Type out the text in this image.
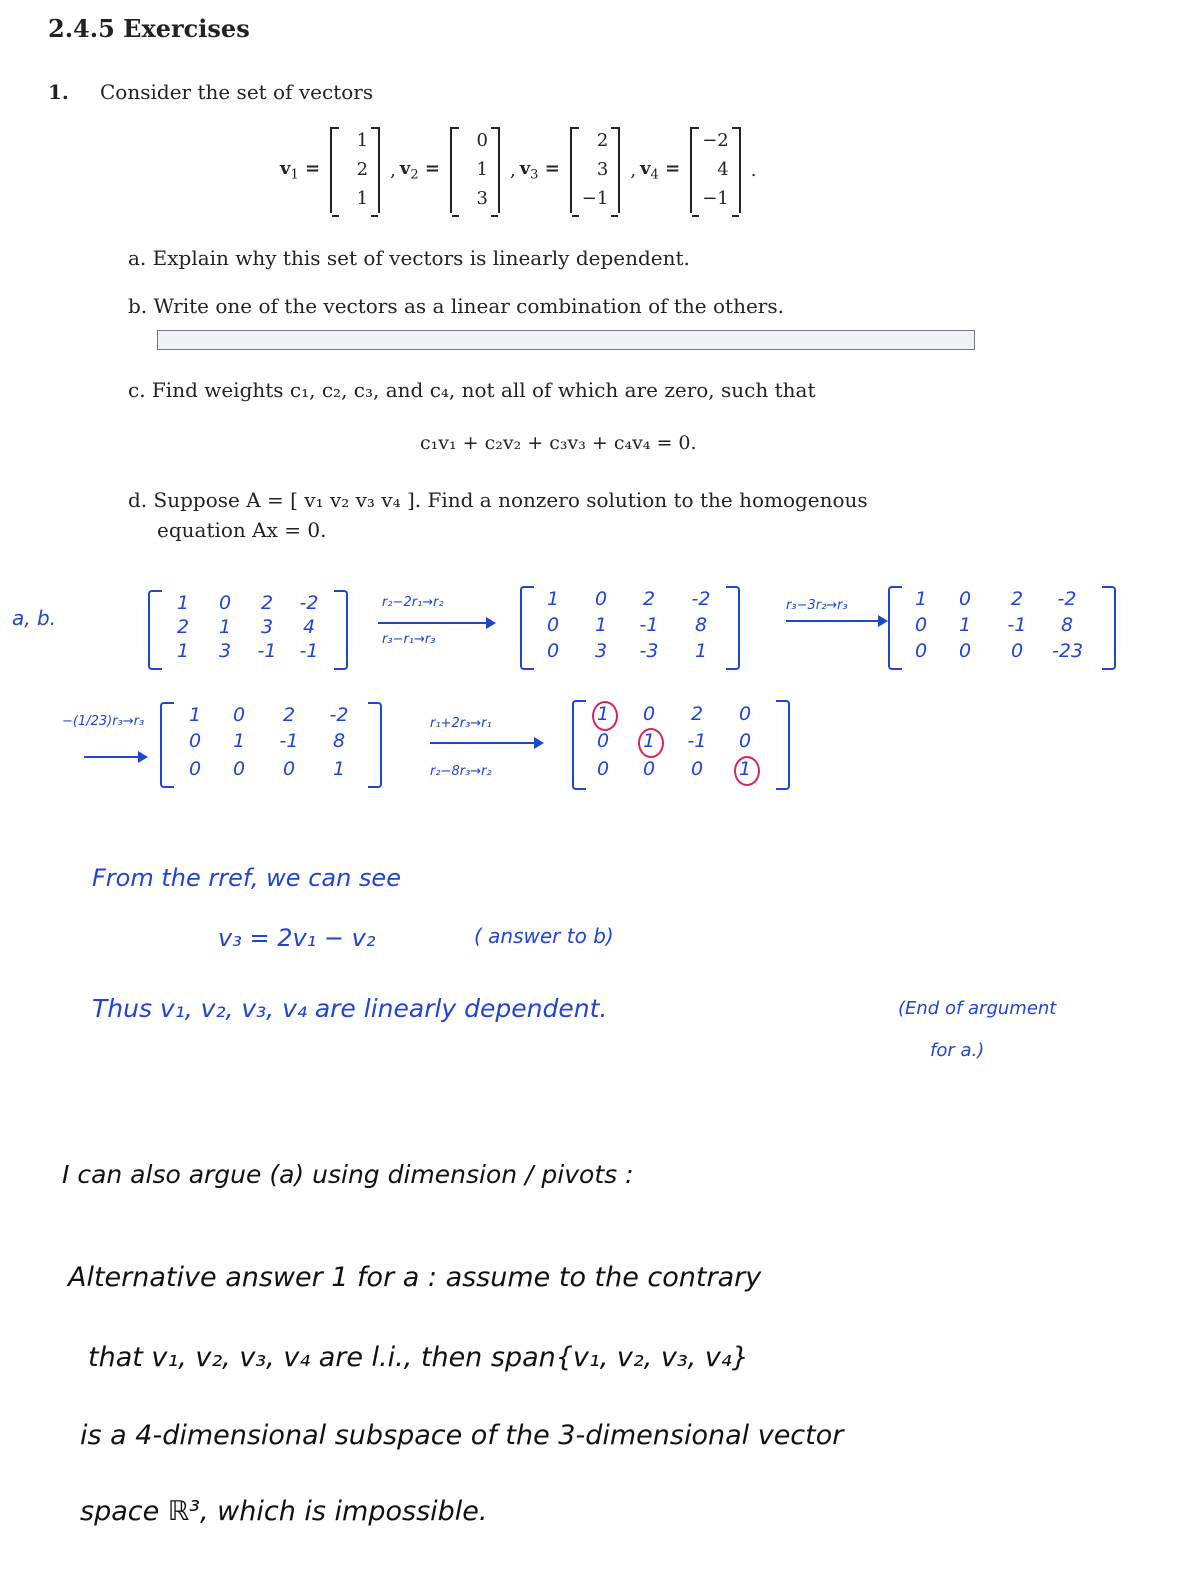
2.4.5 Exercises
1. Consider the set of vectors
$v_1$ =
1
2
1
, $v_2$ =
0
1
3
, $v_3$ =
2
3
−1
, $v_4$ =
−2
4
−1
.
a. Explain why this set of vectors is linearly dependent.
b. Write one of the vectors as a linear combination of the others.
c. Find weights c₁, c₂, c₃, and c₄, not all of which are zero, such that
c₁v₁ + c₂v₂ + c₃v₃ + c₄v₄ = 0.
d. Suppose A = [ v₁ v₂ v₃ v₄ ]. Find a nonzero solution to the homogenous
equation Ax = 0.
a, b.
1	0	2	-2
2	1	3	4
1	3	-1 -1
r₂−2r₁→r₂
r₃−r₁→r₃
1	0	2	-2
0	1	-1	8
0	3	-3	1
r₃−3r₂→r₃	1	0	2	-2
0	1	-1	8
0	0	0	-23
−(1/23)r₃→r₃	1	0	2	-2
0	1	-1	8
0	0	0	1
r₁+2r₃→r₁
r₂−8r₃→r₂
1	0	2	0
0	1	-1	0
0	0	0	1
From the rref, we can see
v₃ = 2v₁ − v₂	( answer to b)
Thus v₁, v₂, v₃, v₄ are linearly dependent.	(End of argument
for a.)
I can also argue (a) using dimension / pivots :
Alternative answer 1 for a : assume to the contrary
that v₁, v₂, v₃, v₄ are l.i., then span{v₁, v₂, v₃, v₄}
is a 4-dimensional subspace of the 3-dimensional vector
space ℝ³, which is impossible.
